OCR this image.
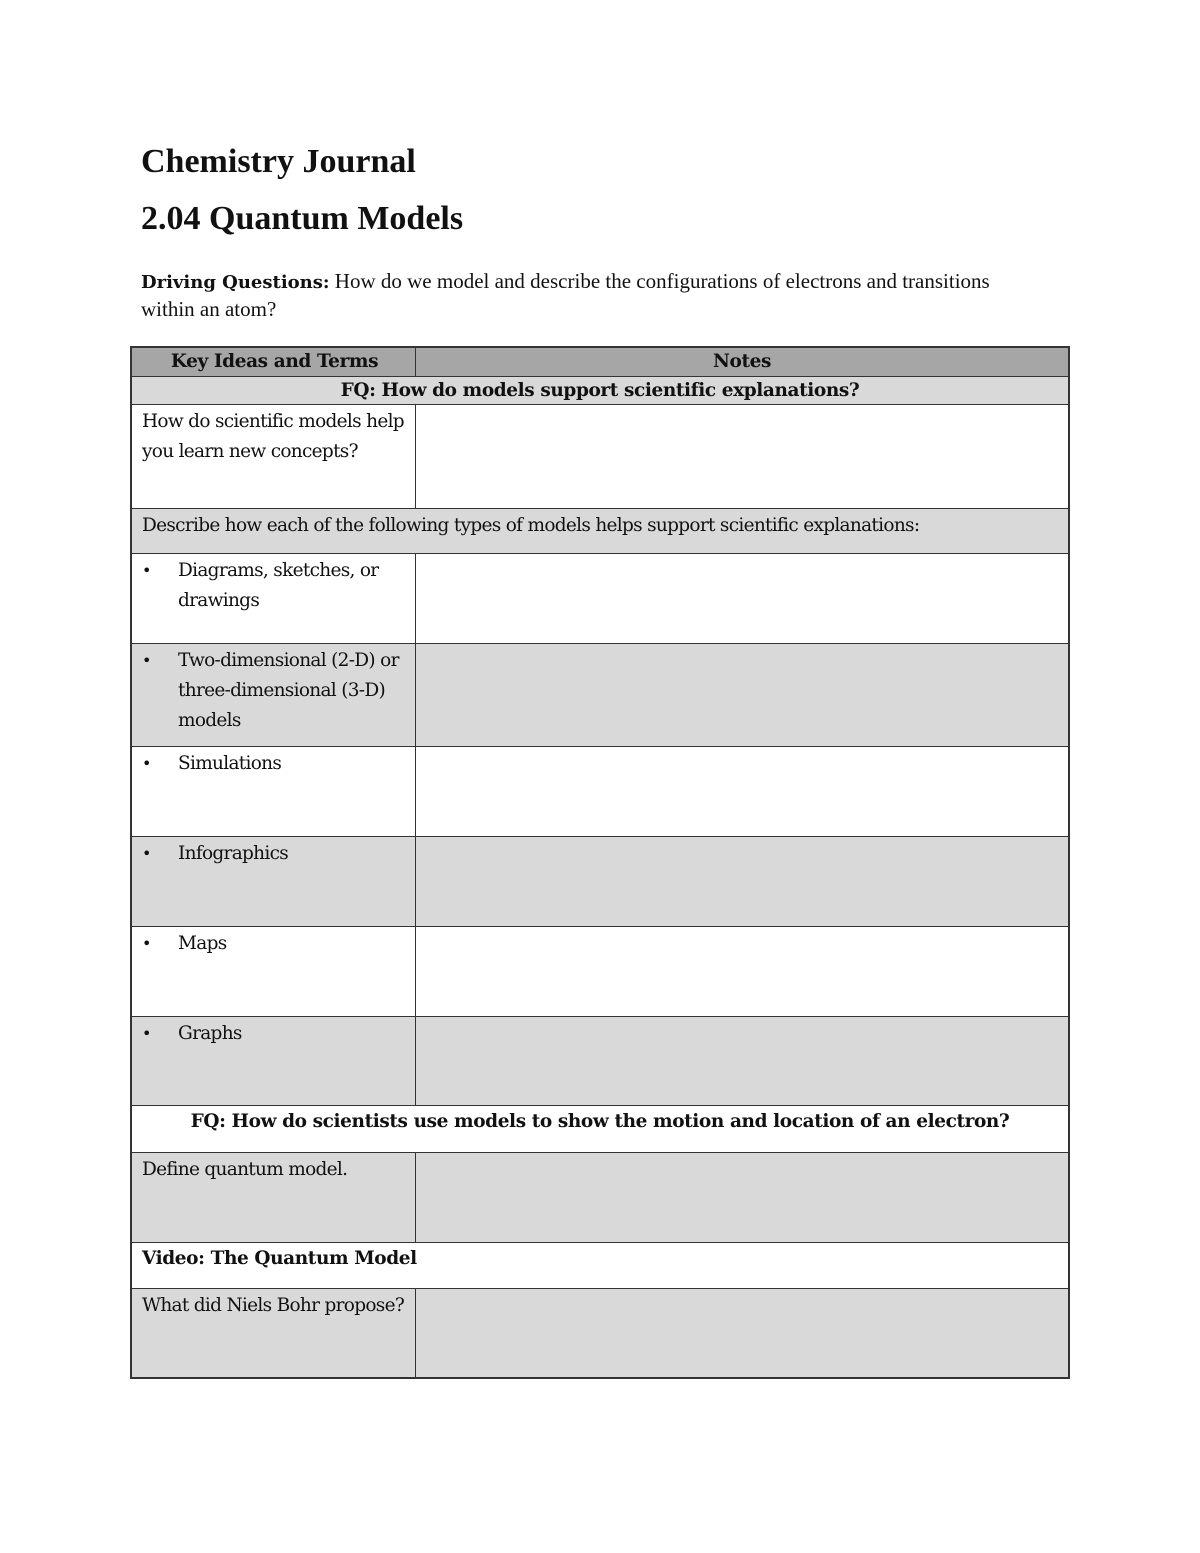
Chemistry Journal
2.04 Quantum Models

Driving Questions: How do we model and describe the configurations of electrons and transitions within an atom?

Key Ideas and Terms	Notes
FQ: How do models support scientific explanations?
How do scientific models help you learn new concepts?
Describe how each of the following types of models helps support scientific explanations:
•	Diagrams, sketches, or drawings
•	Two-dimensional (2-D) or three-dimensional (3-D) models
•	Simulations
•	Infographics
•	Maps
•	Graphs
FQ: How do scientists use models to show the motion and location of an electron?
Define quantum model.
Video: The Quantum Model
What did Niels Bohr propose?
